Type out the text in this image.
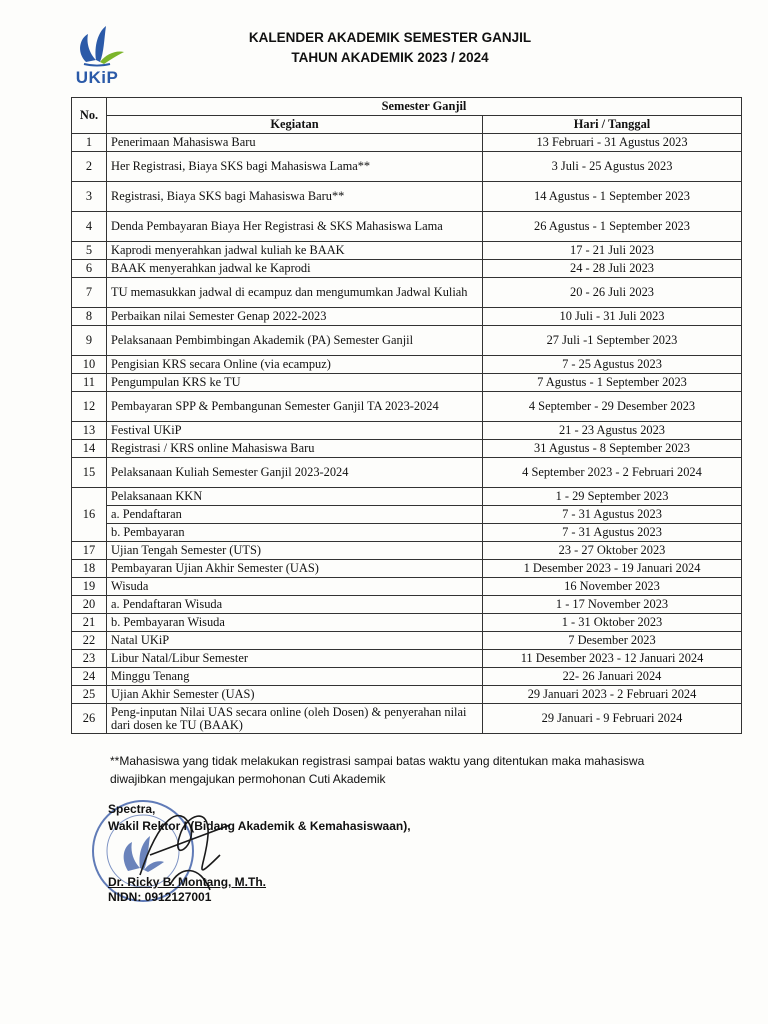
UKiP
KALENDER AKADEMIK SEMESTER GANJIL
TAHUN AKADEMIK 2023 / 2024
No.	Semester Ganjil	
	Kegiatan	Hari / Tanggal
1	Penerimaan Mahasiswa Baru	13 Februari - 31 Agustus 2023
2	Her Registrasi, Biaya SKS bagi Mahasiswa Lama**	3 Juli - 25 Agustus 2023
3	Registrasi, Biaya SKS bagi Mahasiswa Baru**	14 Agustus - 1 September 2023
4	Denda Pembayaran Biaya Her Registrasi & SKS Mahasiswa Lama	26 Agustus - 1 September 2023
5	Kaprodi menyerahkan jadwal kuliah ke BAAK	17 - 21 Juli 2023
6	BAAK menyerahkan jadwal ke Kaprodi	24 - 28 Juli 2023
7	TU memasukkan jadwal di ecampuz dan mengumumkan Jadwal Kuliah	20 - 26 Juli 2023
8	Perbaikan nilai Semester Genap 2022-2023	10 Juli - 31 Juli 2023
9	Pelaksanaan Pembimbingan Akademik (PA) Semester Ganjil	27 Juli -1 September 2023
10	Pengisian KRS secara Online (via ecampuz)	7 - 25 Agustus 2023
11	Pengumpulan KRS ke TU	7 Agustus - 1 September 2023
12	Pembayaran SPP & Pembangunan Semester Ganjil TA 2023-2024	4 September - 29 Desember 2023
13	Festival UKiP	21 - 23 Agustus 2023
14	Registrasi / KRS online Mahasiswa Baru	31 Agustus - 8 September 2023
15	Pelaksanaan Kuliah Semester Ganjil 2023-2024	4 September 2023 - 2 Februari 2024
16	Pelaksanaan KKN	1 - 29 September 2023
	a. Pendaftaran	7 - 31 Agustus 2023
	b. Pembayaran	7 - 31 Agustus 2023
17	Ujian Tengah Semester (UTS)	23 - 27 Oktober 2023
18	Pembayaran Ujian Akhir Semester (UAS)	1 Desember 2023 - 19 Januari 2024
19	Wisuda	16 November 2023
20	a. Pendaftaran Wisuda	1 - 17 November 2023
21	b. Pembayaran Wisuda	1 - 31 Oktober 2023
22	Natal UKiP	7 Desember 2023
23	Libur Natal/Libur Semester	11 Desember 2023 - 12 Januari 2024
24	Minggu Tenang	22- 26 Januari 2024
25	Ujian Akhir Semester (UAS)	29 Januari 2023 - 2 Februari 2024
26	Peng-inputan Nilai UAS secara online (oleh Dosen) & penyerahan nilai dari dosen ke TU (BAAK)	29 Januari - 9 Februari 2024
**Mahasiswa yang tidak melakukan registrasi sampai batas waktu yang ditentukan maka mahasiswa diwajibkan mengajukan permohonan Cuti Akademik
Spectra,
Wakil Rektor I (Bidang Akademik & Kemahasiswaan),
Dr. Ricky B. Montang, M.Th.
NIDN: 0912127001
